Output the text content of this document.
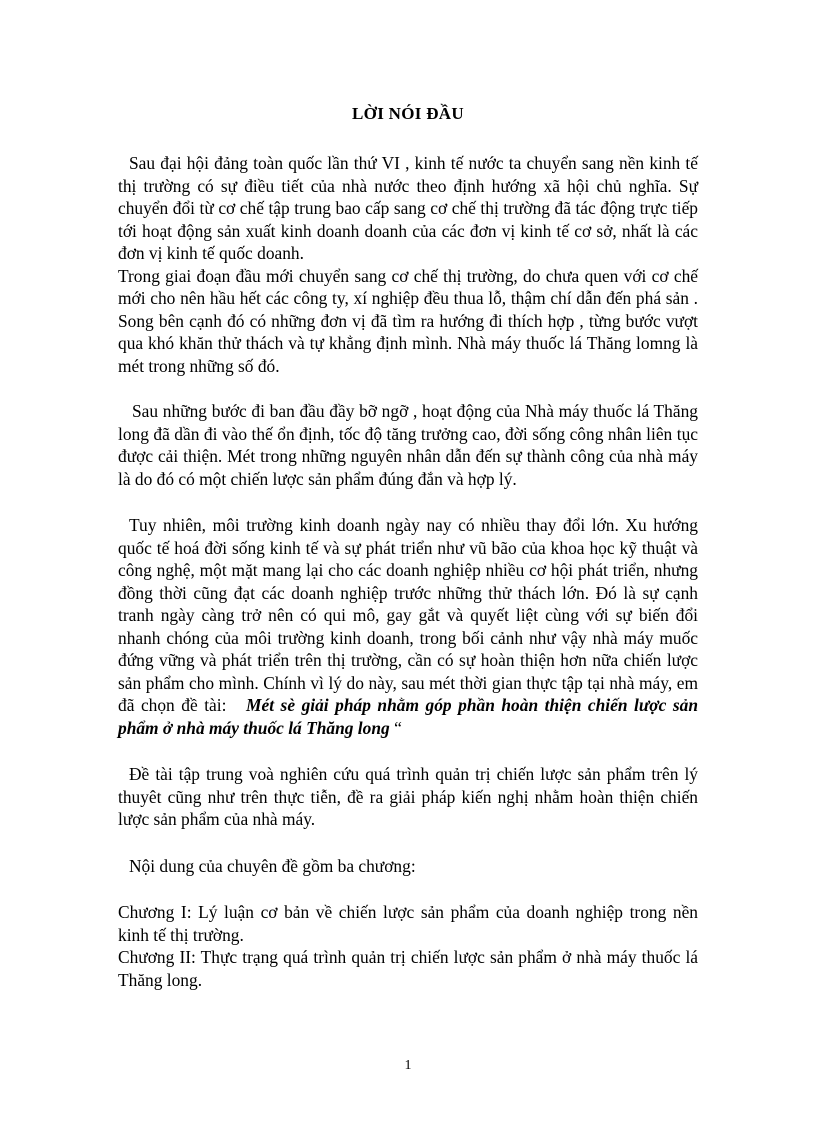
LỜI NÓI ĐẦU

Sau đại hội đảng toàn quốc lần thứ VI , kinh tế nước ta chuyển sang nền kinh tế thị trường có sự điều tiết của nhà nước theo định hướng xã hội chủ nghĩa. Sự chuyển đổi từ cơ chế tập trung bao cấp sang cơ chế thị trường đã tác động trực tiếp tới hoạt động sản xuất kinh doanh doanh của các đơn vị kinh tế cơ sở, nhất là các đơn vị kinh tế quốc doanh.

Trong giai đoạn đầu mới chuyển sang cơ chế thị trường, do chưa quen với cơ chế mới cho nên hầu hết các công ty, xí nghiệp đều thua lỗ, thậm chí dẫn đến phá sản . Song bên cạnh đó có những đơn vị đã tìm ra hướng đi thích hợp , từng bước vượt qua khó khăn thử thách và tự khẳng định mình. Nhà máy thuốc lá Thăng lomng là mét trong những số đó.

Sau những bước đi ban đầu đầy bỡ ngỡ , hoạt động của Nhà máy thuốc lá Thăng long đã dần đi vào thế ổn định, tốc độ tăng trưởng cao, đời sống công nhân liên tục được cải thiện. Mét trong những nguyên nhân dẫn đến sự thành công của nhà máy là do đó có một chiến lược sản phẩm đúng đắn và hợp lý.

Tuy nhiên, môi trường kinh doanh ngày nay có nhiều thay đổi lớn. Xu hướng quốc tế hoá đời sống kinh tế và sự phát triển như vũ bão của khoa học kỹ thuật và công nghệ, một mặt mang lại cho các doanh nghiệp nhiều cơ hội phát triển, nhưng đồng thời cũng đạt các doanh nghiệp trước những thử thách lớn. Đó là sự cạnh tranh ngày càng trở nên có qui mô, gay gắt và quyết liệt cùng với sự biến đổi nhanh chóng của môi trường kinh doanh, trong bối cảnh như vậy nhà máy muốc đứng vững và phát triển trên thị trường, cần có sự hoàn thiện hơn nữa chiến lược sản phẩm cho mình. Chính vì lý do này, sau mét thời gian thực tập tại nhà máy, em đã chọn đề tài: Mét sè giải pháp nhằm góp phần hoàn thiện chiến lược sản phẩm ở nhà máy thuốc lá Thăng long “

Đề tài tập trung voà nghiên cứu quá trình quản trị chiến lược sản phẩm trên lý thuyêt cũng như trên thực tiễn, đề ra giải pháp kiến nghị nhằm hoàn thiện chiến lược sản phẩm của nhà máy.

Nội dung của chuyên đề gồm ba chương:

Chương I: Lý luận cơ bản về chiến lược sản phẩm của doanh nghiệp trong nền kinh tế thị trường.

Chương II: Thực trạng quá trình quản trị chiến lược sản phẩm ở nhà máy thuốc lá Thăng long.

1
